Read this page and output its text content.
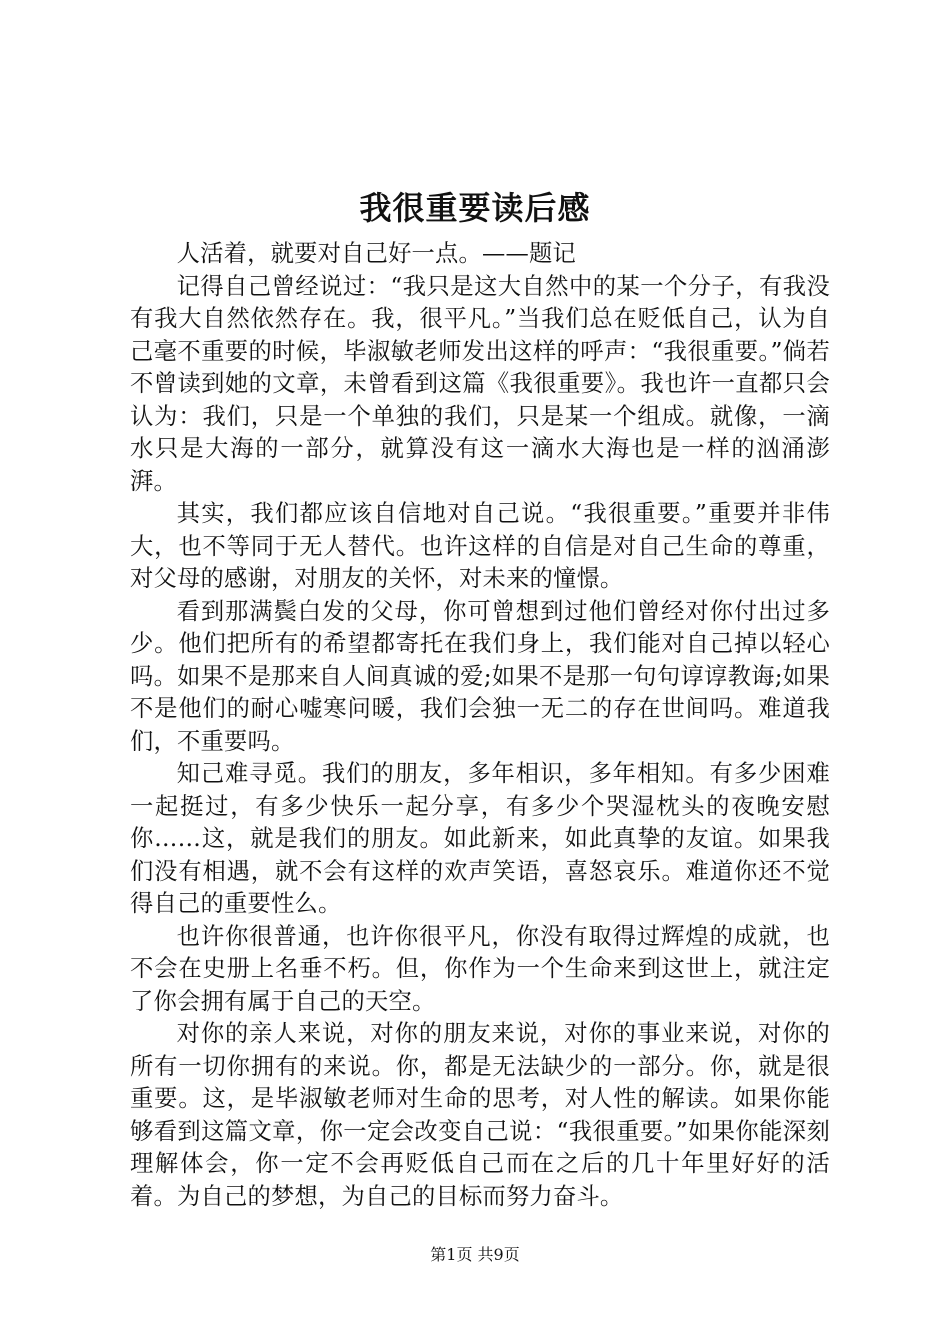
我很重要读后感

人活着，就要对自己好一点。——题记

记得自己曾经说过：“我只是这大自然中的某一个分子，有我没有我大自然依然存在。我，很平凡。”当我们总在贬低自己，认为自己毫不重要的时候，毕淑敏老师发出这样的呼声：“我很重要。”倘若不曾读到她的文章，未曾看到这篇《我很重要》。我也许一直都只会认为：我们，只是一个单独的我们，只是某一个组成。就像，一滴水只是大海的一部分，就算没有这一滴水大海也是一样的汹涌澎湃。

其实，我们都应该自信地对自己说。“我很重要。”重要并非伟大，也不等同于无人替代。也许这样的自信是对自己生命的尊重，对父母的感谢，对朋友的关怀，对未来的憧憬。

看到那满鬓白发的父母，你可曾想到过他们曾经对你付出过多少。他们把所有的希望都寄托在我们身上，我们能对自己掉以轻心吗。如果不是那来自人间真诚的爱;如果不是那一句句谆谆教诲;如果不是他们的耐心嘘寒问暖，我们会独一无二的存在世间吗。难道我们，不重要吗。

知己难寻觅。我们的朋友，多年相识，多年相知。有多少困难一起挺过，有多少快乐一起分享，有多少个哭湿枕头的夜晚安慰你……这，就是我们的朋友。如此新来，如此真挚的友谊。如果我们没有相遇，就不会有这样的欢声笑语，喜怒哀乐。难道你还不觉得自己的重要性么。

也许你很普通，也许你很平凡，你没有取得过辉煌的成就，也不会在史册上名垂不朽。但，你作为一个生命来到这世上，就注定了你会拥有属于自己的天空。

对你的亲人来说，对你的朋友来说，对你的事业来说，对你的所有一切你拥有的来说。你，都是无法缺少的一部分。你，就是很重要。这，是毕淑敏老师对生命的思考，对人性的解读。如果你能够看到这篇文章，你一定会改变自己说：“我很重要。”如果你能深刻理解体会，你一定不会再贬低自己而在之后的几十年里好好的活着。为自己的梦想，为自己的目标而努力奋斗。

第1页 共9页
